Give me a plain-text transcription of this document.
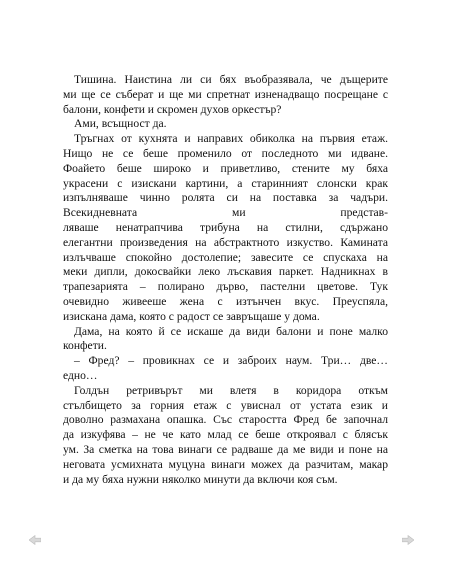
Тишина. Наистина ли си бях въобразявала, че дъщерите
ми ще се съберат и ще ми спретнат изненадващо посрещане с
балони, конфети и скромен духов оркестър?
Ами, всъщност да.
Тръгнах от кухнята и направих обиколка на първия етаж.
Нищо не се беше променило от последното ми идване.
Фоайето беше широко и приветливо, стените му бяха
украсени с изискани картини, а старинният слонски крак
изпълняваше чинно ролята си на поставка за чадъри.
Всекидневната ми предстaв-
ляваше ненатрапчива трибуна на стилни, сдържано
елегантни произведения на абстрактното изкуство. Камината
излъчваше спокойно достолепие; завесите се спускаха на
меки дипли, докосвайки леко лъскавия паркет. Надникнах в
трапезарията – полирано дърво, пастелни цветове. Тук
очевидно живееше жена с изтънчен вкус. Преуспяла,
изискана дама, която с радост се завръщаше у дома.
Дама, на която й се искаше да види балони и поне малко
конфети.
– Фред? – провикнах се и заброих наум. Три… две…
едно…
Голдън ретривърът ми влетя в коридора откъм
стълбището за горния етаж с увиснал от устата език и
доволно размахана опашка. Със старостта Фред бе започнал
да изкуфява – не че като млад се беше откроявал с блясък
ум. За сметка на това винаги се радваше да ме види и поне на
неговата усмихната муцуна винаги можех да разчитам, макар
и да му бяха нужни няколко минути да включи коя съм.
